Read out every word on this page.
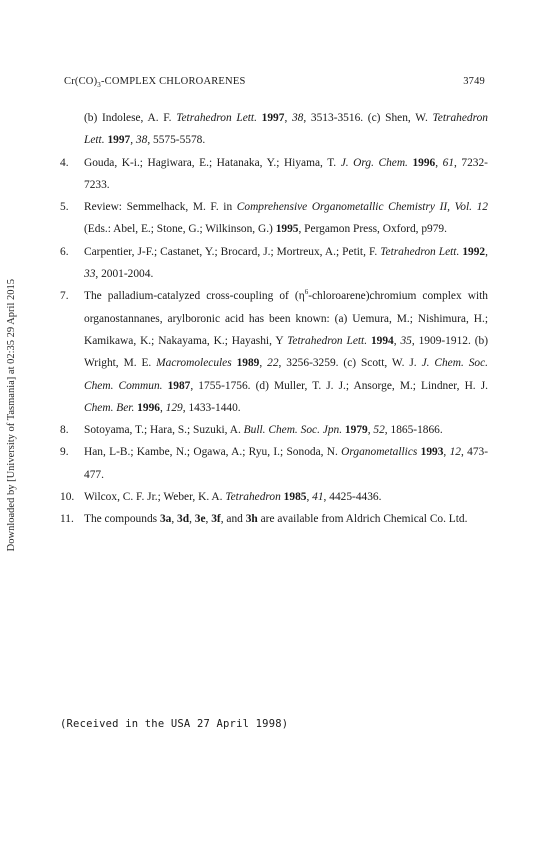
Downloaded by [University of Tasmania] at 02:35 29 April 2015
$Cr(CO)_3$-COMPLEX CHLOROARENES	3749
(b) Indolese, A. F. Tetrahedron Lett. 1997, 38, 3513-3516. (c) Shen, W. Tetrahedron Lett. 1997, 38, 5575-5578.
4.	Gouda, K-i.; Hagiwara, E.; Hatanaka, Y.; Hiyama, T. J. Org. Chem. 1996, 61, 7232-7233.
5.	Review: Semmelhack, M. F. in Comprehensive Organometallic Chemistry II, Vol. 12 (Eds.: Abel, E.; Stone, G.; Wilkinson, G.) 1995, Pergamon Press, Oxford, p979.
6.	Carpentier, J-F.; Castanet, Y.; Brocard, J.; Mortreux, A.; Petit, F. Tetrahedron Lett. 1992, 33, 2001-2004.
7.	The palladium-catalyzed cross-coupling of $(\eta^6-chloroarene)chromium$ complex with organostannanes, arylboronic acid has been known: (a) Uemura, M.; Nishimura, H.; Kamikawa, K.; Nakayama, K.; Hayashi, Y Tetrahedron Lett. 1994, 35, 1909-1912. (b) Wright, M. E. Macromolecules 1989, 22, 3256-3259. (c) Scott, W. J. J. Chem. Soc. Chem. Commun. 1987, 1755-1756. (d) Muller, T. J. J.; Ansorge, M.; Lindner, H. J. Chem. Ber. 1996, 129, 1433-1440.
8.	Sotoyama, T.; Hara, S.; Suzuki, A. Bull. Chem. Soc. Jpn. 1979, 52, 1865-1866.
9.	Han, L-B.; Kambe, N.; Ogawa, A.; Ryu, I.; Sonoda, N. Organometallics 1993, 12, 473-477.
10. Wilcox, C. F. Jr.; Weber, K. A. Tetrahedron 1985, 41, 4425-4436.
11. The compounds 3a, 3d, 3e, 3f, and 3h are available from Aldrich Chemical Co. Ltd.
(Received in the USA 27 April 1998)
